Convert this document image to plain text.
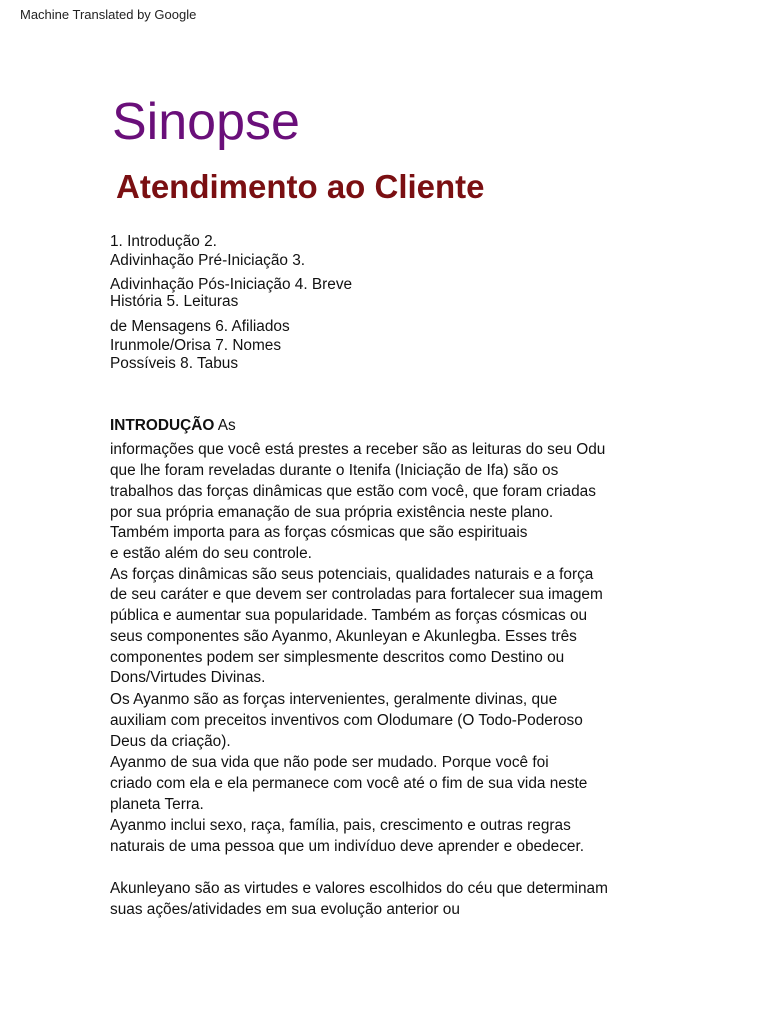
Machine Translated by Google
Sinopse
Atendimento ao Cliente

1. Introdução 2.

Adivinhação Pré-Iniciação 3.

Adivinhação Pós-Iniciação 4. Breve

História 5. Leituras

de Mensagens 6. Afiliados

Irunmole/Orisa 7. Nomes

Possíveis 8. Tabus

INTRODUÇÃO As

informações que você está prestes a receber são as leituras do seu Odu

que lhe foram reveladas durante o Itenifa (Iniciação de Ifa) são os

trabalhos das forças dinâmicas que estão com você, que foram criadas

por sua própria emanação de sua própria existência neste plano.

Também importa para as forças cósmicas que são espirituais

e estão além do seu controle.

As forças dinâmicas são seus potenciais, qualidades naturais e a força

de seu caráter e que devem ser controladas para fortalecer sua imagem

pública e aumentar sua popularidade. Também as forças cósmicas ou

seus componentes são Ayanmo, Akunleyan e Akunlegba. Esses três

componentes podem ser simplesmente descritos como Destino ou

Dons/Virtudes Divinas.

Os Ayanmo são as forças intervenientes, geralmente divinas, que

auxiliam com preceitos inventivos com Olodumare (O Todo-Poderoso

Deus da criação).

Ayanmo de sua vida que não pode ser mudado. Porque você foi

criado com ela e ela permanece com você até o fim de sua vida neste

planeta Terra.

Ayanmo inclui sexo, raça, família, pais, crescimento e outras regras

naturais de uma pessoa que um indivíduo deve aprender e obedecer.

Akunleyano são as virtudes e valores escolhidos do céu que determinam

suas ações/atividades em sua evolução anterior ou
